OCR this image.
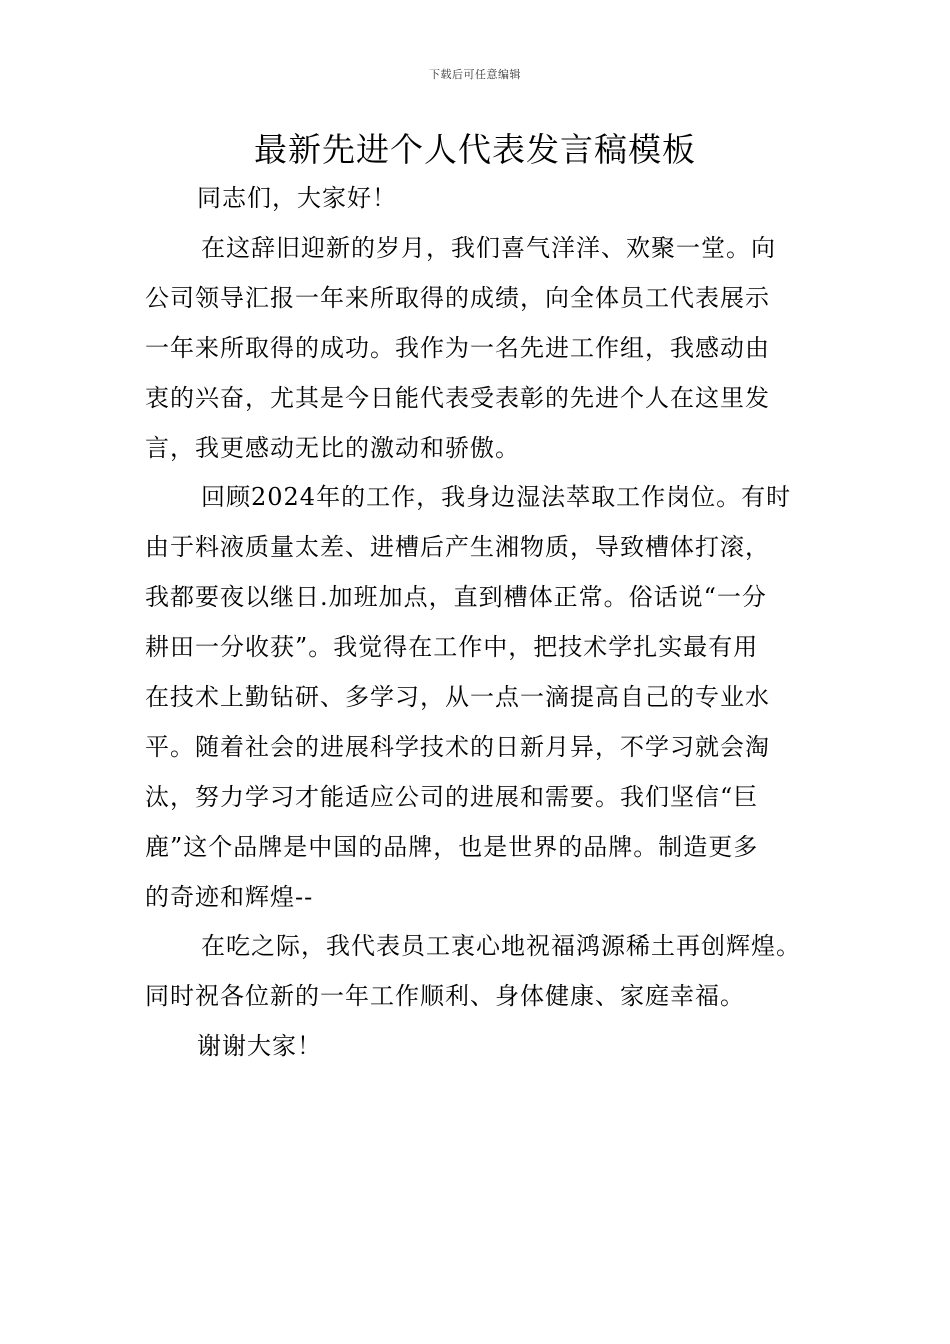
下载后可任意编辑
最新先进个人代表发言稿模板
同志们，大家好！
在这辞旧迎新的岁月，我们喜气洋洋、欢聚一堂。向
公司领导汇报一年来所取得的成绩，向全体员工代表展示
一年来所取得的成功。我作为一名先进工作组，我感动由
衷的兴奋，尤其是今日能代表受表彰的先进个人在这里发
言，我更感动无比的激动和骄傲。
回顾2024年的工作，我身边湿法萃取工作岗位。有时
由于料液质量太差、进槽后产生湘物质，导致槽体打滚，
我都要夜以继日.加班加点，直到槽体正常。俗话说“一分
耕田一分收获”。我觉得在工作中，把技术学扎实最有用
在技术上勤钻研、多学习，从一点一滴提高自己的专业水
平。随着社会的进展科学技术的日新月异，不学习就会淘
汰，努力学习才能适应公司的进展和需要。我们坚信“巨
鹿”这个品牌是中国的品牌，也是世界的品牌。制造更多
的奇迹和辉煌--
在吃之际，我代表员工衷心地祝福鸿源稀土再创辉煌。
同时祝各位新的一年工作顺利、身体健康、家庭幸福。
谢谢大家！
